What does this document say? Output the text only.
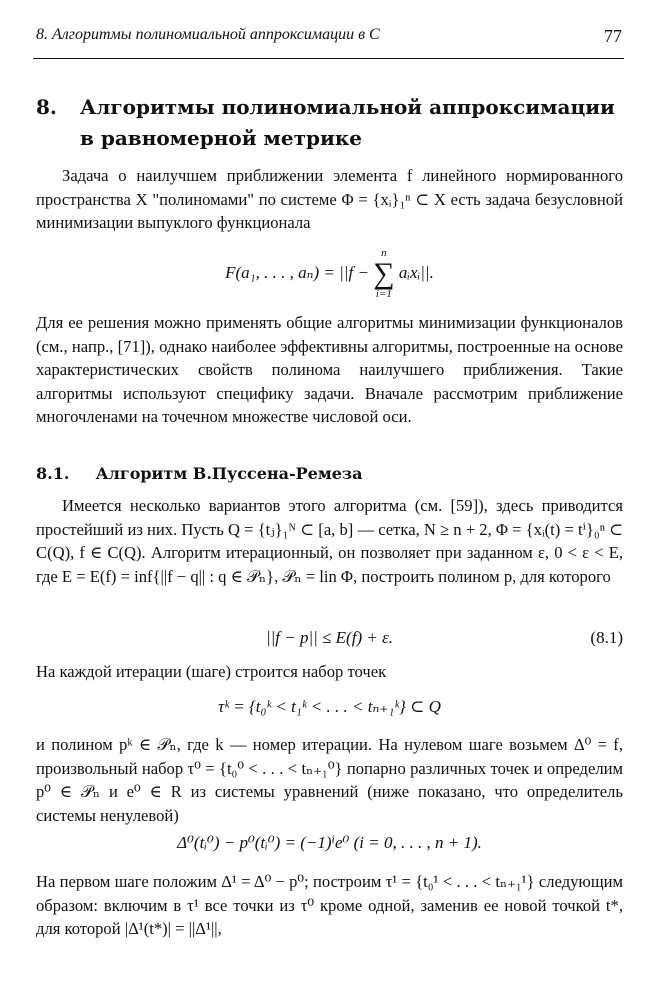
8. Алгоритмы полиномиальной аппроксимации в C	77
8.	Алгоритмы полиномиальной аппроксимации в равномерной метрике

Задача о наилучшем приближении элемента f линейного нормированного пространства X "полиномами" по системе Φ = {xᵢ}₁ⁿ ⊂ X есть задача безусловной минимизации выпуклого функционала

F(a₁, . . . , aₙ) = ||f −
n
∑
i=1
aᵢxᵢ||.

Для ее решения можно применять общие алгоритмы минимизации функционалов (см., напр., [71]), однако наиболее эффективны алгоритмы, построенные на основе характеристических свойств полинома наилучшего приближения. Такие алгоритмы используют специфику задачи. Вначале рассмотрим приближение многочленами на точечном множестве числовой оси.

8.1. Алгоритм В.Пуссена-Ремеза

Имеется несколько вариантов этого алгоритма (см. [59]), здесь приводится простейший из них. Пусть Q = {tⱼ}₁ᴺ ⊂ [a, b] — сетка, N ≥ n + 2, Φ = {xᵢ(t) = tⁱ}₀ⁿ ⊂ C(Q), f ∈ C(Q). Алгоритм итерационный, он позволяет при заданном ε, 0 < ε < E, где E = E(f) = inf{||f − q|| : q ∈ 𝒫ₙ}, 𝒫ₙ = lin Φ, построить полином p, для которого

||f − p|| ≤ E(f) + ε.	(8.1)

На каждой итерации (шаге) строится набор точек

τᵏ = {t₀ᵏ < t₁ᵏ < . . . < tₙ₊₁ᵏ} ⊂ Q

и полином pᵏ ∈ 𝒫ₙ, где k — номер итерации. На нулевом шаге возьмем Δ⁰ = f, произвольный набор τ⁰ = {t₀⁰ < . . . < tₙ₊₁⁰} попарно различных точек и определим p⁰ ∈ 𝒫ₙ и e⁰ ∈ R из системы уравнений (ниже показано, что определитель системы ненулевой)

Δ⁰(tᵢ⁰) − p⁰(tᵢ⁰) = (−1)ⁱe⁰ (i = 0, . . . , n + 1).

На первом шаге положим Δ¹ = Δ⁰ − p⁰; построим τ¹ = {t₀¹ < . . . < tₙ₊₁¹} следующим образом: включим в τ¹ все точки из τ⁰ кроме одной, заменив ее новой точкой t*, для которой |Δ¹(t*)| = ||Δ¹||,
